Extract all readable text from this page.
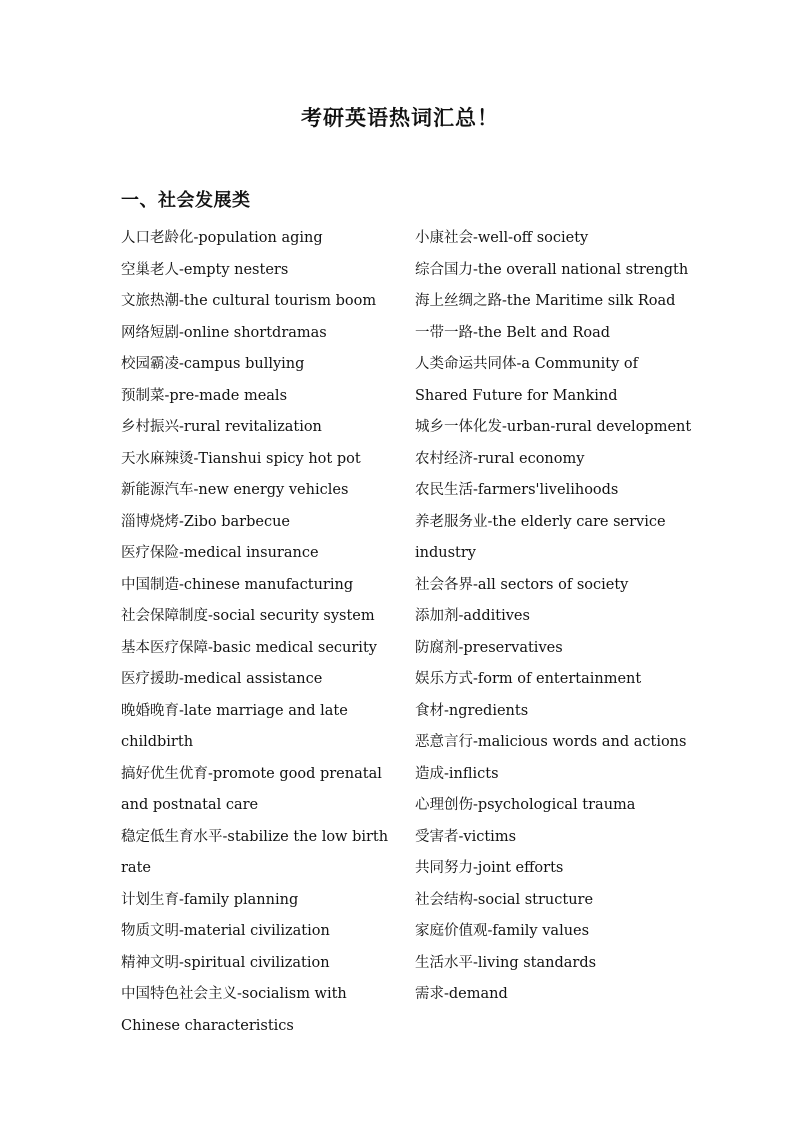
考研英语热词汇总！
一、社会发展类
人口老龄化-population aging
空巢老人-empty nesters
文旅热潮-the cultural tourism boom
网络短剧-online shortdramas
校园霸凌-campus bullying
预制菜-pre-made meals
乡村振兴-rural revitalization
天水麻辣烫-Tianshui spicy hot pot
新能源汽车-new energy vehicles
淄博烧烤-Zibo barbecue
医疗保险-medical insurance
中国制造-chinese manufacturing
社会保障制度-social security system
基本医疗保障-basic medical security
医疗援助-medical assistance
晚婚晚育-late marriage and late
childbirth
搞好优生优育-promote good prenatal
and postnatal care
稳定低生育水平-stabilize the low birth
rate
计划生育-family planning
物质文明-material civilization
精神文明-spiritual civilization
中国特色社会主义-socialism with
Chinese characteristics
小康社会-well-off society
综合国力-the overall national strength
海上丝绸之路-the Maritime silk Road
一带一路-the Belt and Road
人类命运共同体-a Community of
Shared Future for Mankind
城乡一体化发-urban-rural development
农村经济-rural economy
农民生活-farmers'livelihoods
养老服务业-the elderly care service
industry
社会各界-all sectors of society
添加剂-additives
防腐剂-preservatives
娱乐方式-form of entertainment
食材-ngredients
恶意言行-malicious words and actions
造成-inflicts
心理创伤-psychological trauma
受害者-victims
共同努力-joint efforts
社会结构-social structure
家庭价值观-family values
生活水平-living standards
需求-demand
